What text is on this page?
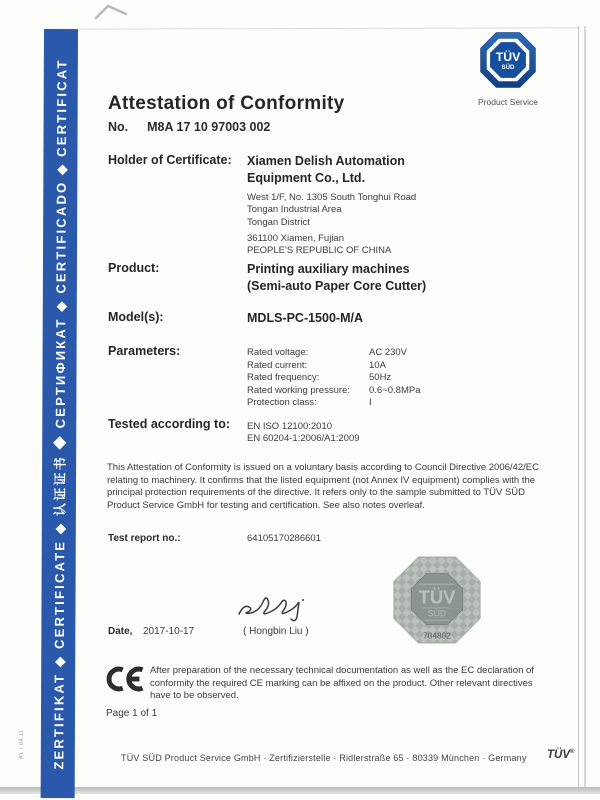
ZERTIFIKAT ◆ CERTIFICATE ◆ 认证证书 ◆ СЕРТИФИКАТ ◆ CERTIFICADO ◆ CERTIFICAT
A1 / 04.11
TÜV
SÜD
Product Service
Attestation of Conformity
No. M8A 17 10 97003 002
Holder of Certificate: Xiamen Delish Automation
Equipment Co., Ltd.
West 1/F, No. 1305 South Tonghui Road
Tongan Industrial Area
Tongan District
361100 Xiamen, Fujian
PEOPLE'S REPUBLIC OF CHINA
Product:	Printing auxiliary machines
(Semi-auto Paper Core Cutter)
Model(s):	MDLS-PC-1500-M/A
Parameters:	Rated voltage:	AC 230V
Rated current:	10A
Rated frequency:	50Hz
Rated working pressure:	0.6~0.8MPa
Protection class:	I
Tested according to: EN ISO 12100:2010
EN 60204-1:2006/A1:2009
This Attestation of Conformity is issued on a voluntary basis according to Council Directive 2006/42/EC relating to machinery. It confirms that the listed equipment (not Annex IV equipment) complies with the principal protection requirements of the directive. It refers only to the sample submitted to TÜV SÜD Product Service GmbH for testing and certification. See also notes overleaf.
Test report no.:	64105170286601
TÜV
SÜD
704802
( Hongbin Liu )
Date, 2017-10-17
After preparation of the necessary technical documentation as well as the EC declaration of conformity the required CE marking can be affixed on the product. Other relevant directives have to be observed.
Page 1 of 1
TÜV SÜD Product Service GmbH · Zertifizierstelle · Ridlerstraße 65 · 80339 München · Germany TÜV®
